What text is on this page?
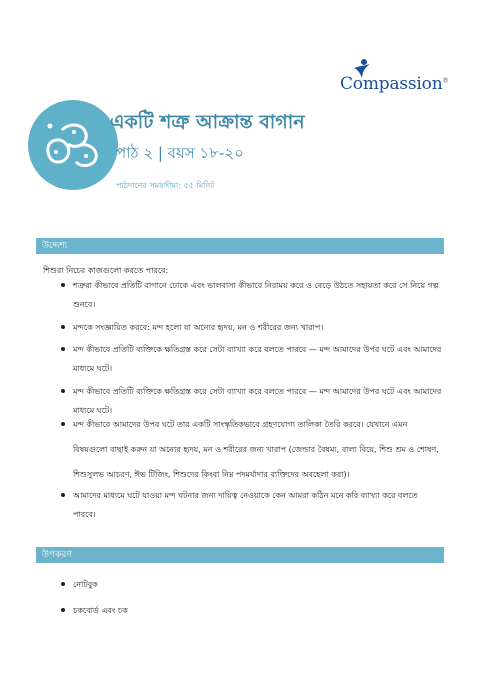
Compassion®
একটি শত্রু আক্রান্ত বাগান
পাঠ ২ | বয়স ১৮-২০
পাঠদানের সময়সীমা: ৫৫ মিনিট
উদ্দেশ্য
শিশুরা নিচের কাজগুলো করতে পারবে:
শত্রুরা কীভাবে প্রতিটি বাগানে ঢোকে এবং ভালবাসা কীভাবে নিরাময় করে ও বেড়ে উঠতে সহায়তা করে সে নিয়ে গল্প শুনবে।
মন্দকে সংজ্ঞায়িত করবে: মন্দ হলো যা অন্যের হৃদয়, মন ও শরীরের জন্য খারাপ।
মন্দ কীভাবে প্রতিটি ব্যক্তিকে ক্ষতিগ্রস্ত করে সেটা ব্যাখ্যা করে বলতে পারবে — মন্দ আমাদের উপর ঘটে এবং আমাদের মাধ্যমে ঘটে।
মন্দ কীভাবে প্রতিটি ব্যক্তিকে ক্ষতিগ্রস্ত করে সেটা ব্যাখ্যা করে বলতে পারবে — মন্দ আমাদের উপর ঘটে এবং আমাদের মাধ্যমে ঘটে।
মন্দ কীভাবে আমাদের উপর ঘটে তার একটি সাংস্কৃতিকভাবে গ্রহণযোগ্য তালিকা তৈরি করবে। যেখানে এমন বিষয়গুলো বাছাই করুন যা অন্যের হৃদয়, মন ও শরীরের জন্য খারাপ (জেন্ডার বৈষম্য, বাল্য বিয়ে, শিশু শ্রম ও শোষণ, শিশুসুলভ আচরণ, ঈভ টিজিং, শিশুদের কিংবা নিম্ন পদমর্যাদার ব্যক্তিদের অবহেলা করা)।
আমাদের মাধ্যমে ঘটে যাওয়া মন্দ ঘটনার জন্য দায়িত্ব নেওয়াকে কেন আমরা কঠিন মনে করি ব্যাখ্যা করে বলতে পারবে।
উপকরণ
নোটবুক
চকবোর্ড এবং চক
